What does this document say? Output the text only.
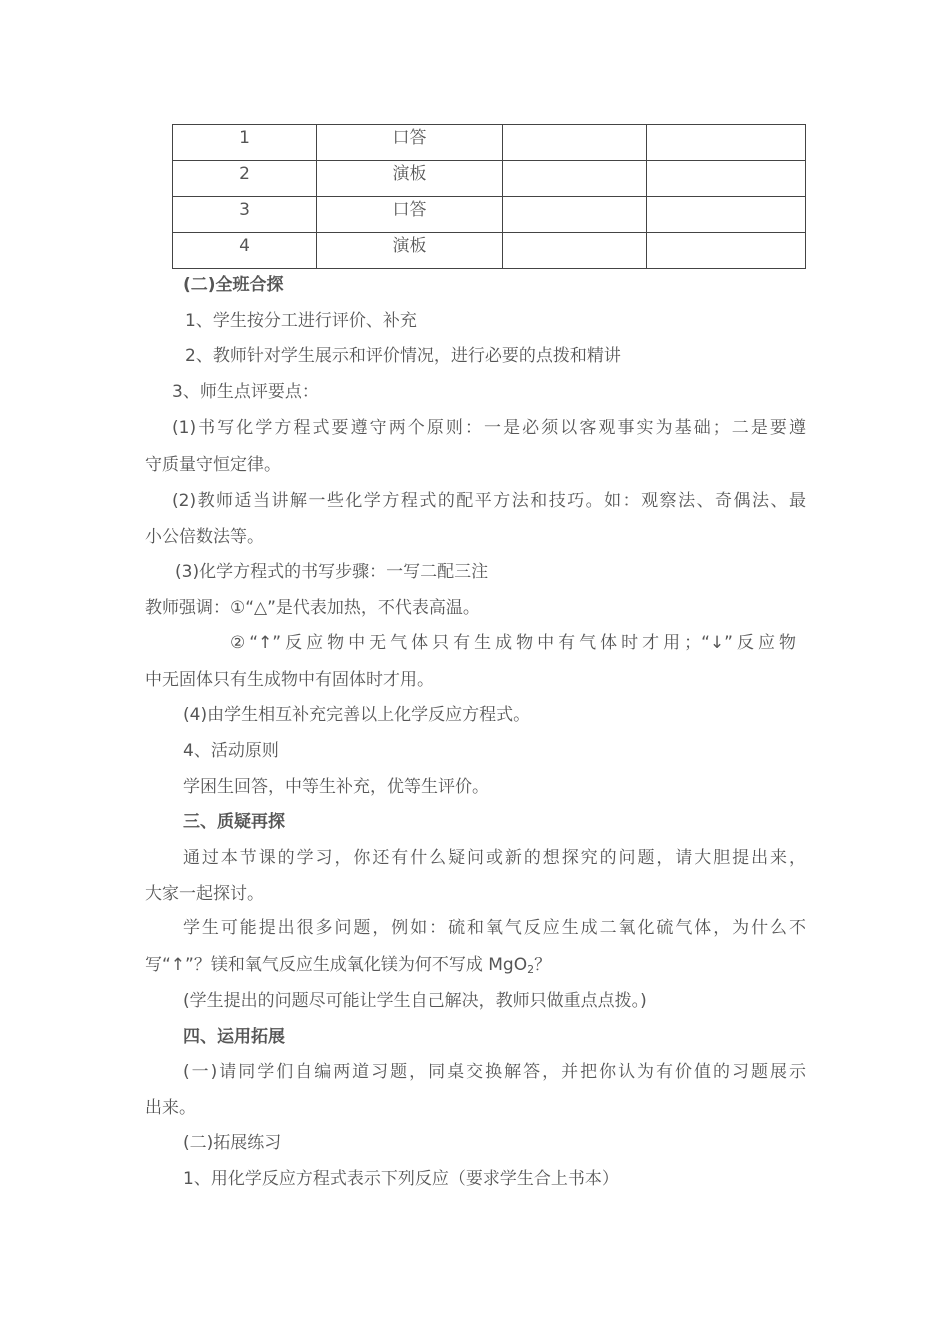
1	口答		
2	演板		
3	口答		
4	演板		
(二)全班合探
1、学生按分工进行评价、补充
2、教师针对学生展示和评价情况，进行必要的点拨和精讲
3、师生点评要点：
(1)书写化学方程式要遵守两个原则：一是必须以客观事实为基础；二是要遵
守质量守恒定律。
(2)教师适当讲解一些化学方程式的配平方法和技巧。如：观察法、奇偶法、最
小公倍数法等。
(3)化学方程式的书写步骤：一写二配三注
教师强调：①“△”是代表加热，不代表高温。
②“↑”反应物中无气体只有生成物中有气体时才用；“↓”反应物
中无固体只有生成物中有固体时才用。
(4)由学生相互补充完善以上化学反应方程式。
4、活动原则
学困生回答，中等生补充，优等生评价。
三、质疑再探
通过本节课的学习，你还有什么疑问或新的想探究的问题，请大胆提出来，
大家一起探讨。
学生可能提出很多问题，例如：硫和氧气反应生成二氧化硫气体，为什么不
写“↑”？镁和氧气反应生成氧化镁为何不写成 MgO$_2$？
(学生提出的问题尽可能让学生自己解决，教师只做重点点拨。)
四、运用拓展
(一)请同学们自编两道习题，同桌交换解答，并把你认为有价值的习题展示
出来。
(二)拓展练习
1、用化学反应方程式表示下列反应（要求学生合上书本）
